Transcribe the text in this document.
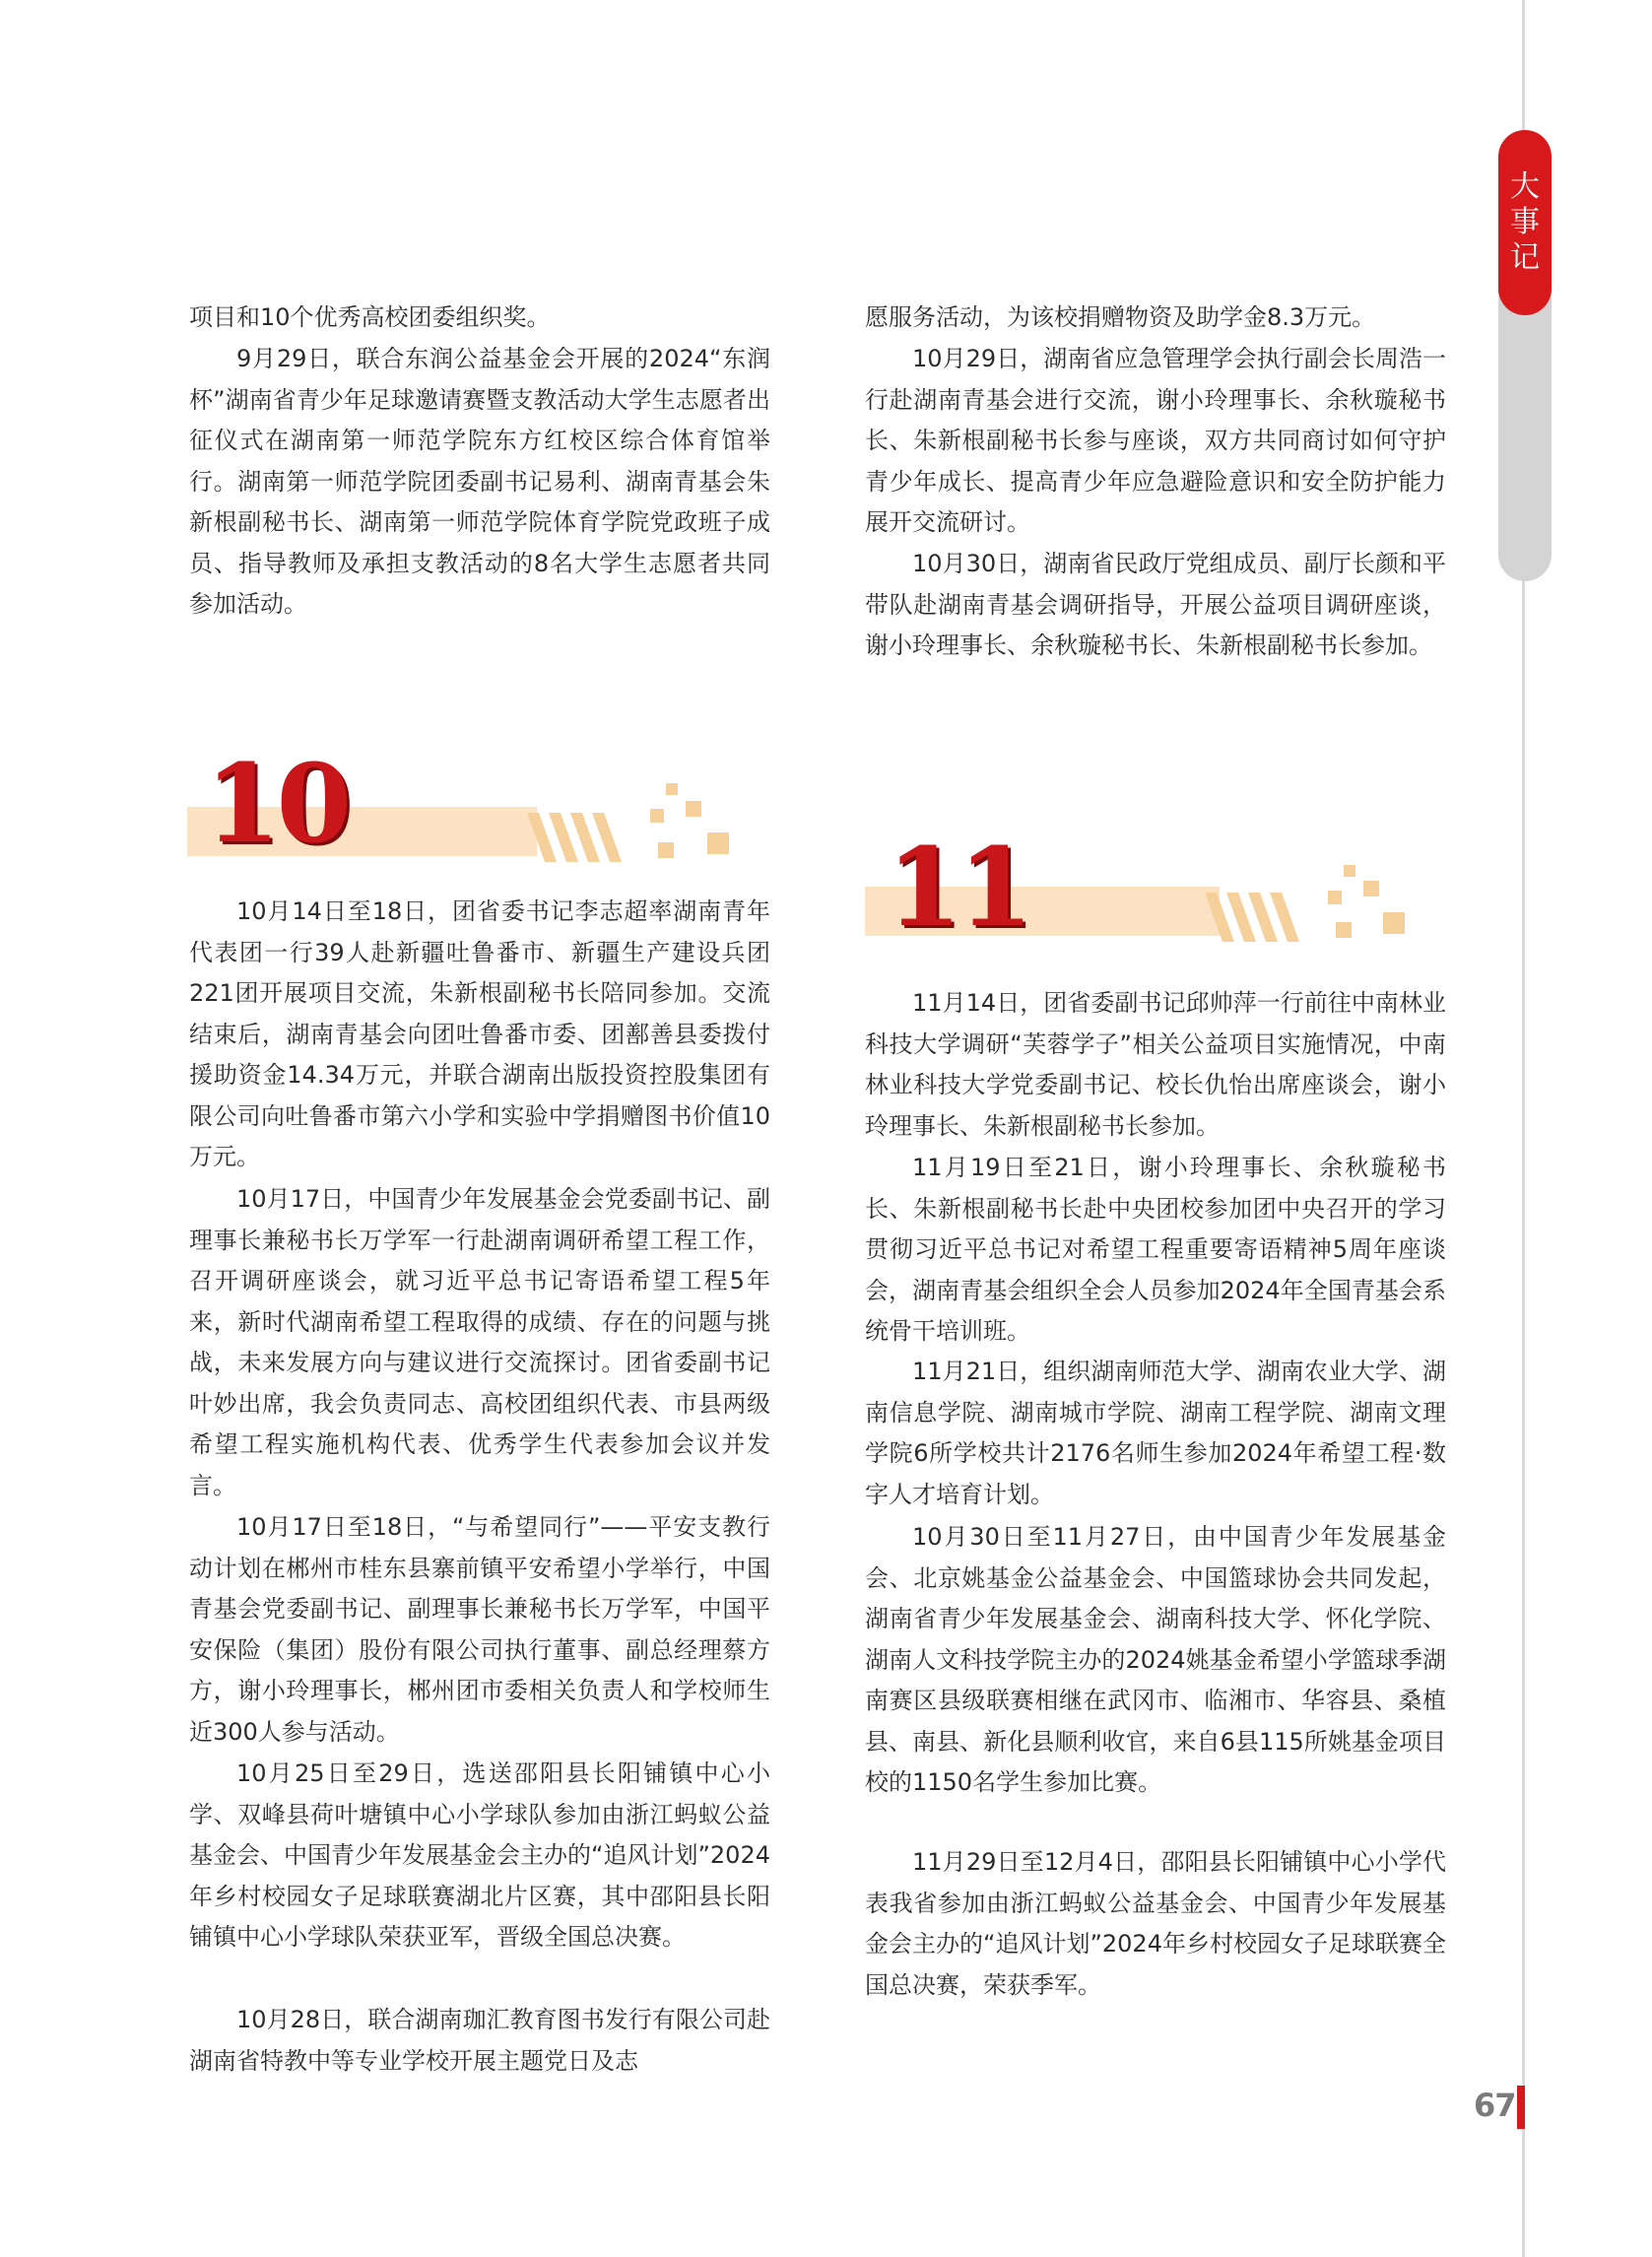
大
事
记

项目和10个优秀高校团委组织奖。

9月29日，联合东润公益基金会开展的2024“东润杯”湖南省青少年足球邀请赛暨支教活动大学生志愿者出征仪式在湖南第一师范学院东方红校区综合体育馆举行。湖南第一师范学院团委副书记易利、湖南青基会朱新根副秘书长、湖南第一师范学院体育学院党政班子成员、指导教师及承担支教活动的8名大学生志愿者共同参加活动。

10

10月14日至18日，团省委书记李志超率湖南青年代表团一行39人赴新疆吐鲁番市、新疆生产建设兵团221团开展项目交流，朱新根副秘书长陪同参加。交流结束后，湖南青基会向团吐鲁番市委、团鄯善县委拨付援助资金14.34万元，并联合湖南出版投资控股集团有限公司向吐鲁番市第六小学和实验中学捐赠图书价值10万元。

10月17日，中国青少年发展基金会党委副书记、副理事长兼秘书长万学军一行赴湖南调研希望工程工作，召开调研座谈会，就习近平总书记寄语希望工程5年来，新时代湖南希望工程取得的成绩、存在的问题与挑战，未来发展方向与建议进行交流探讨。团省委副书记叶妙出席，我会负责同志、高校团组织代表、市县两级希望工程实施机构代表、优秀学生代表参加会议并发言。

10月17日至18日，“与希望同行”——平安支教行动计划在郴州市桂东县寨前镇平安希望小学举行，中国青基会党委副书记、副理事长兼秘书长万学军，中国平安保险（集团）股份有限公司执行董事、副总经理蔡方方，谢小玲理事长，郴州团市委相关负责人和学校师生近300人参与活动。

10月25日至29日，选送邵阳县长阳铺镇中心小学、双峰县荷叶塘镇中心小学球队参加由浙江蚂蚁公益基金会、中国青少年发展基金会主办的“追风计划”2024年乡村校园女子足球联赛湖北片区赛，其中邵阳县长阳铺镇中心小学球队荣获亚军，晋级全国总决赛。

10月28日，联合湖南珈汇教育图书发行有限公司赴湖南省特教中等专业学校开展主题党日及志

愿服务活动，为该校捐赠物资及助学金8.3万元。

10月29日，湖南省应急管理学会执行副会长周浩一行赴湖南青基会进行交流，谢小玲理事长、余秋璇秘书长、朱新根副秘书长参与座谈，双方共同商讨如何守护青少年成长、提高青少年应急避险意识和安全防护能力展开交流研讨。

10月30日，湖南省民政厅党组成员、副厅长颜和平带队赴湖南青基会调研指导，开展公益项目调研座谈，谢小玲理事长、余秋璇秘书长、朱新根副秘书长参加。

11

11月14日，团省委副书记邱帅萍一行前往中南林业科技大学调研“芙蓉学子”相关公益项目实施情况，中南林业科技大学党委副书记、校长仇怡出席座谈会，谢小玲理事长、朱新根副秘书长参加。

11月19日至21日，谢小玲理事长、余秋璇秘书长、朱新根副秘书长赴中央团校参加团中央召开的学习贯彻习近平总书记对希望工程重要寄语精神5周年座谈会，湖南青基会组织全会人员参加2024年全国青基会系统骨干培训班。

11月21日，组织湖南师范大学、湖南农业大学、湖南信息学院、湖南城市学院、湖南工程学院、湖南文理学院6所学校共计2176名师生参加2024年希望工程·数字人才培育计划。

10月30日至11月27日，由中国青少年发展基金会、北京姚基金公益基金会、中国篮球协会共同发起，湖南省青少年发展基金会、湖南科技大学、怀化学院、湖南人文科技学院主办的2024姚基金希望小学篮球季湖南赛区县级联赛相继在武冈市、临湘市、华容县、桑植县、南县、新化县顺利收官，来自6县115所姚基金项目校的1150名学生参加比赛。

11月29日至12月4日，邵阳县长阳铺镇中心小学代表我省参加由浙江蚂蚁公益基金会、中国青少年发展基金会主办的“追风计划”2024年乡村校园女子足球联赛全国总决赛，荣获季军。

67
